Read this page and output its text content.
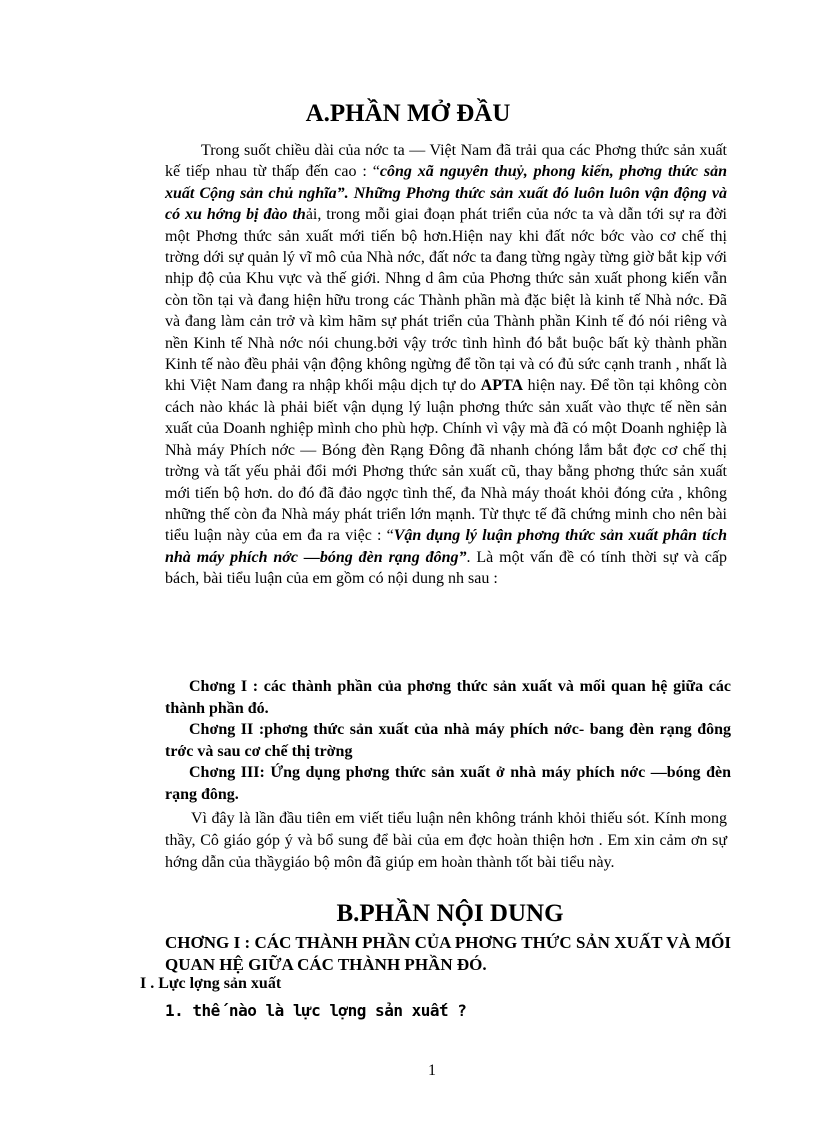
A.PHẦN MỞ ĐẦU

Trong suốt chiều dài của nớc ta — Việt Nam đã trải qua các Phơng thức sản xuất kế tiếp nhau từ thấp đến cao : “công xã nguyên thuỷ, phong kiến, phơng thức sản xuất Cộng sản chủ nghĩa”. Những Phơng thức sản xuất đó luôn luôn vận động và có xu hớng bị đào thải, trong mỗi giai đoạn phát triển của nớc ta và dẫn tới sự ra đời một Phơng thức sản xuất mới tiến bộ hơn.Hiện nay khi đất nớc bớc vào cơ chế thị trờng dới sự quản lý vĩ mô của Nhà nớc, đất nớc ta đang từng ngày từng giờ bắt kịp với nhịp độ của Khu vực và thế giới. Nhng d âm của Phơng thức sản xuất phong kiến vẫn còn tồn tại và đang hiện hữu trong các Thành phần mà đặc biệt là kinh tế Nhà nớc. Đã và đang làm cản trở và kìm hãm sự phát triển của Thành phần Kinh tế đó nói riêng và nền Kinh tế Nhà nớc nói chung.bởi vậy trớc tình hình đó bắt buộc bất kỳ thành phần Kinh tế nào đều phải vận động không ngừng để tồn tại và có đủ sức cạnh tranh , nhất là khi Việt Nam đang ra nhập khối mậu dịch tự do APTA hiện nay. Để tồn tại không còn cách nào khác là phải biết vận dụng lý luận phơng thức sản xuất vào thực tế nền sản xuất của Doanh nghiệp mình cho phù hợp. Chính vì vậy mà đã có một Doanh nghiệp là Nhà máy Phích nớc — Bóng đèn Rạng Đông đã nhanh chóng lắm bắt đợc cơ chế thị trờng và tất yếu phải đổi mới Phơng thức sản xuất cũ, thay bằng phơng thức sản xuất mới tiến bộ hơn. do đó đã đảo ngợc tình thế, đa Nhà máy thoát khỏi đóng cửa , không những thế còn đa Nhà máy phát triển lớn mạnh. Từ thực tế đã chứng minh cho nên bài tiểu luận này của em đa ra việc : “Vận dụng lý luận phơng thức sản xuất phân tích nhà máy phích nớc —bóng đèn rạng đông”. Là một vấn đề có tính thời sự và cấp bách, bài tiểu luận của em gồm có nội dung nh sau :

Chơng I : các thành phần của phơng thức sản xuất và mối quan hệ giữa các thành phần đó.

Chơng II :phơng thức sản xuất của nhà máy phích nớc- bang đèn rạng đông trớc và sau cơ chế thị trờng

Chơng III: Ứng dụng phơng thức sản xuất ở nhà máy phích nớc —bóng đèn rạng đông.

Vì đây là lần đầu tiên em viết tiểu luận nên không tránh khỏi thiếu sót. Kính mong thầy, Cô giáo góp ý và bổ sung để bài của em đợc hoàn thiện hơn . Em xin cảm ơn sự hớng dẫn của thầygiáo bộ môn đã giúp em hoàn thành tốt bài tiểu này.

B.PHẦN NỘI DUNG

CHƠNG I : CÁC THÀNH PHẦN CỦA PHƠNG THỨC SẢN XUẤT VÀ MỐI QUAN HỆ GIỮA CÁC THÀNH PHẦN ĐÓ.

I . Lực lợng sản xuất

1. thế nào là lực lợng sản xuất ?

1
